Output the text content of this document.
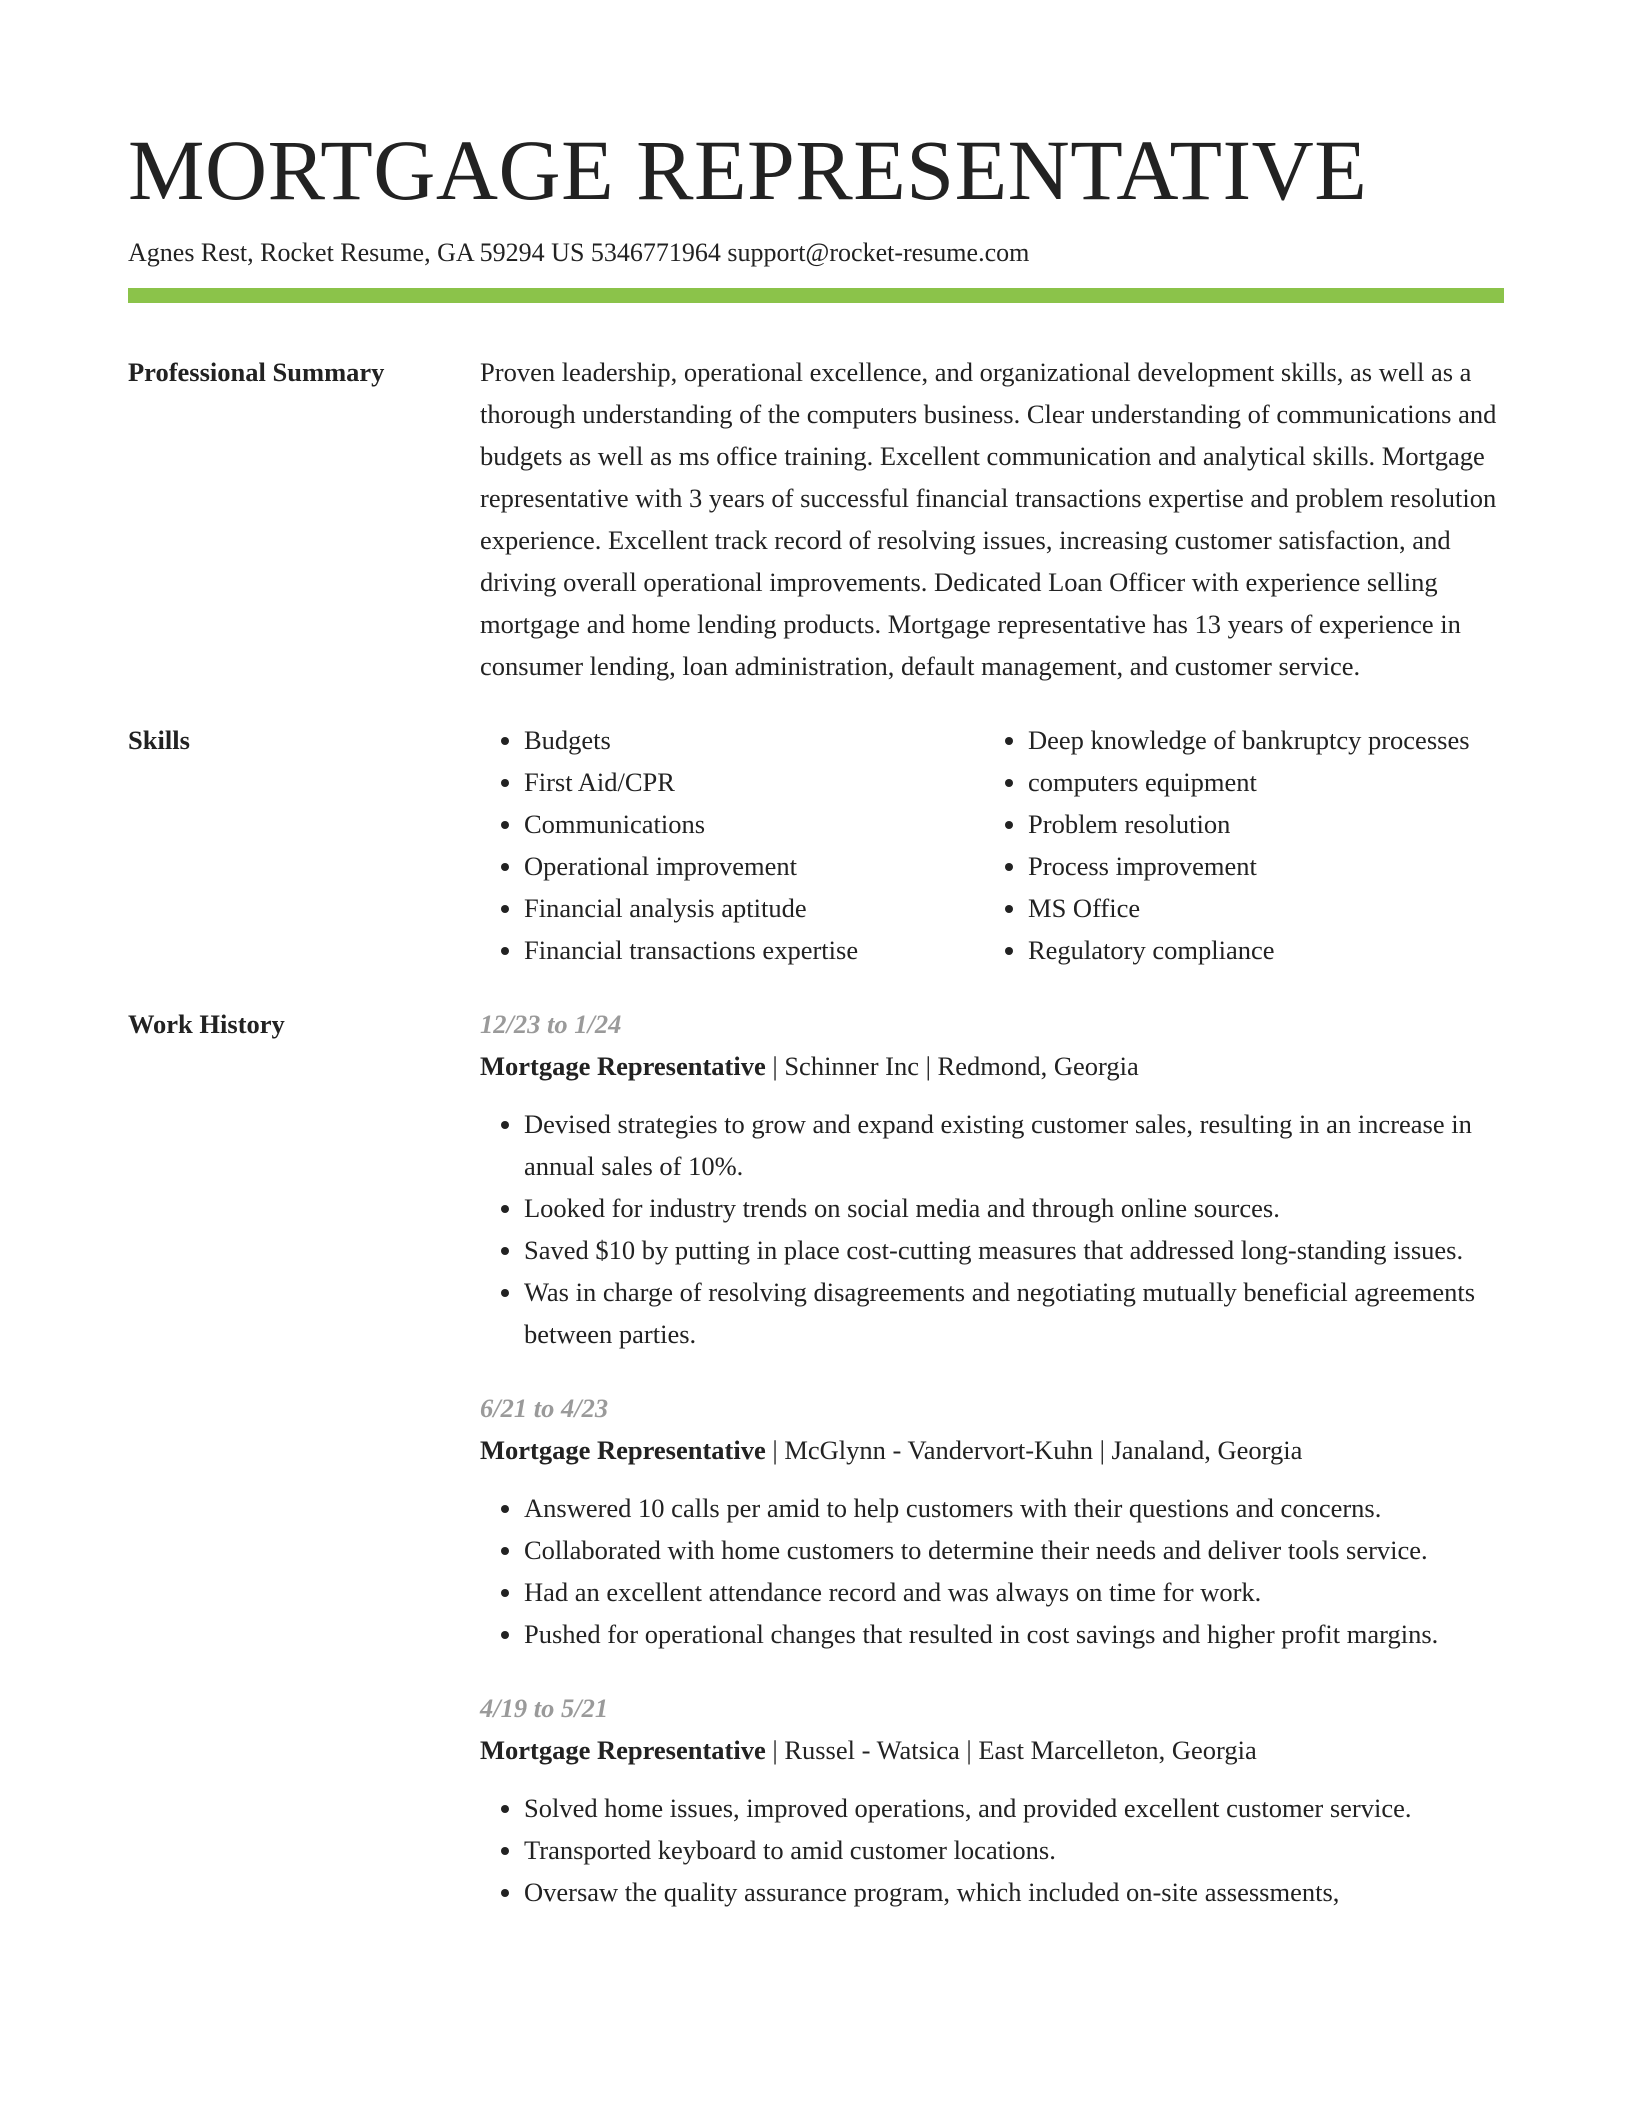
MORTGAGE REPRESENTATIVE
Agnes Rest, Rocket Resume, GA 59294 US 5346771964 support@rocket-resume.com
Professional Summary	Proven leadership, operational excellence, and organizational development skills, as well as a thorough understanding of the computers business. Clear understanding of communications and budgets as well as ms office training. Excellent communication and analytical skills. Mortgage representative with 3 years of successful financial transactions expertise and problem resolution experience. Excellent track record of resolving issues, increasing customer satisfaction, and driving overall operational improvements. Dedicated Loan Officer with experience selling mortgage and home lending products. Mortgage representative has 13 years of experience in consumer lending, loan administration, default management, and customer service.
Skills
•	Budgets
• First Aid/CPR
• Communications
• Operational improvement
• Financial analysis aptitude
• Financial transactions expertise
• Deep knowledge of bankruptcy processes
• computers equipment
• Problem resolution
• Process improvement
• MS Office
• Regulatory compliance
Work History	12/23 to 1/24

Mortgage Representative | Schinner Inc | Redmond, Georgia

• Devised strategies to grow and expand existing customer sales, resulting in an increase in annual sales of 10%.
• Looked for industry trends on social media and through online sources.
• Saved $10 by putting in place cost-cutting measures that addressed long-standing issues.
• Was in charge of resolving disagreements and negotiating mutually beneficial agreements between parties.

6/21 to 4/23

Mortgage Representative | McGlynn - Vandervort-Kuhn | Janaland, Georgia

• Answered 10 calls per amid to help customers with their questions and concerns.
• Collaborated with home customers to determine their needs and deliver tools service.
• Had an excellent attendance record and was always on time for work.
• Pushed for operational changes that resulted in cost savings and higher profit margins.

4/19 to 5/21

Mortgage Representative | Russel - Watsica | East Marcelleton, Georgia

• Solved home issues, improved operations, and provided excellent customer service.
• Transported keyboard to amid customer locations.
• Oversaw the quality assurance program, which included on-site assessments,
